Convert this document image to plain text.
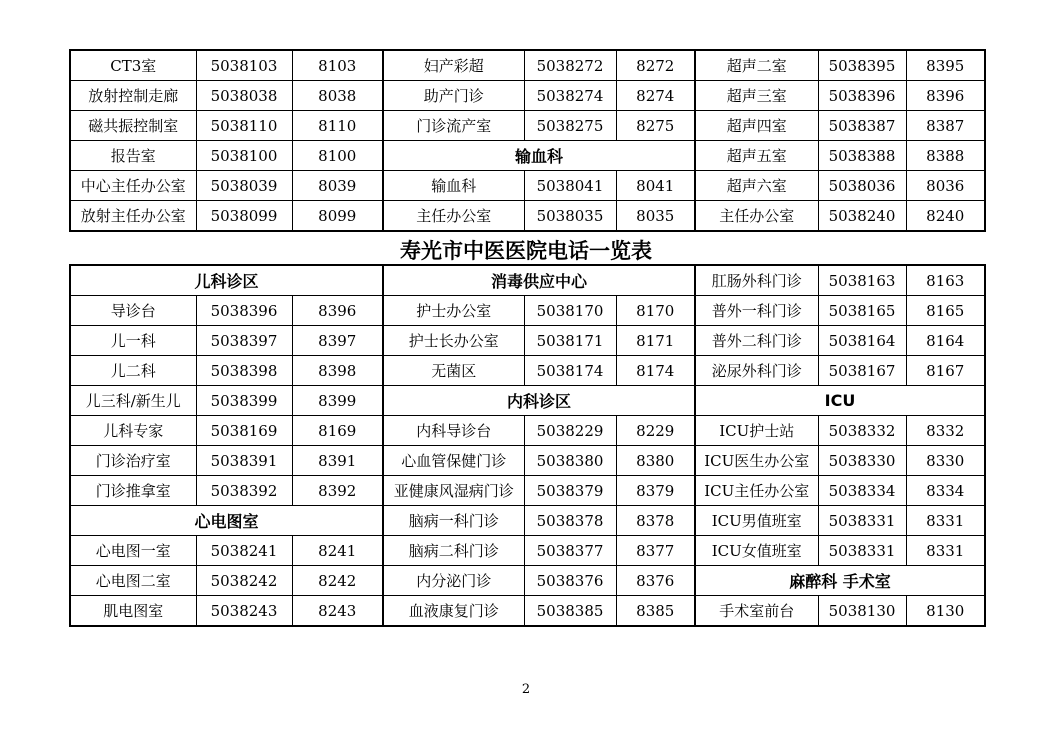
CT3室	5038103	8103	妇产彩超	5038272	8272	超声二室	5038395	8395
放射控制走廊	5038038	8038	助产门诊	5038274	8274	超声三室	5038396	8396
磁共振控制室	5038110	8110	门诊流产室	5038275	8275	超声四室	5038387	8387
报告室	5038100	8100	输血科			超声五室	5038388	8388
中心主任办公室	5038039	8039	输血科	5038041	8041	超声六室	5038036	8036
放射主任办公室	5038099	8099	主任办公室	5038035	8035	主任办公室	5038240	8240
寿光市中医医院电话一览表
儿科诊区			消毒供应中心			肛肠外科门诊	5038163	8163
导诊台	5038396	8396	护士办公室	5038170	8170	普外一科门诊	5038165	8165
儿一科	5038397	8397	护士长办公室	5038171	8171	普外二科门诊	5038164	8164
儿二科	5038398	8398	无菌区	5038174	8174	泌尿外科门诊	5038167	8167
儿三科/新生儿	5038399	8399	内科诊区			ICU		
儿科专家	5038169	8169	内科导诊台	5038229	8229	ICU护士站	5038332	8332
门诊治疗室	5038391	8391	心血管保健门诊	5038380	8380	ICU医生办公室	5038330	8330
门诊推拿室	5038392	8392	亚健康风湿病门诊	5038379	8379	ICU主任办公室	5038334	8334
心电图室			脑病一科门诊	5038378	8378	ICU男值班室	5038331	8331
心电图一室	5038241	8241	脑病二科门诊	5038377	8377	ICU女值班室	5038331	8331
心电图二室	5038242	8242	内分泌门诊	5038376	8376	麻醉科 手术室		
肌电图室	5038243	8243	血液康复门诊	5038385	8385	手术室前台	5038130	8130
2
